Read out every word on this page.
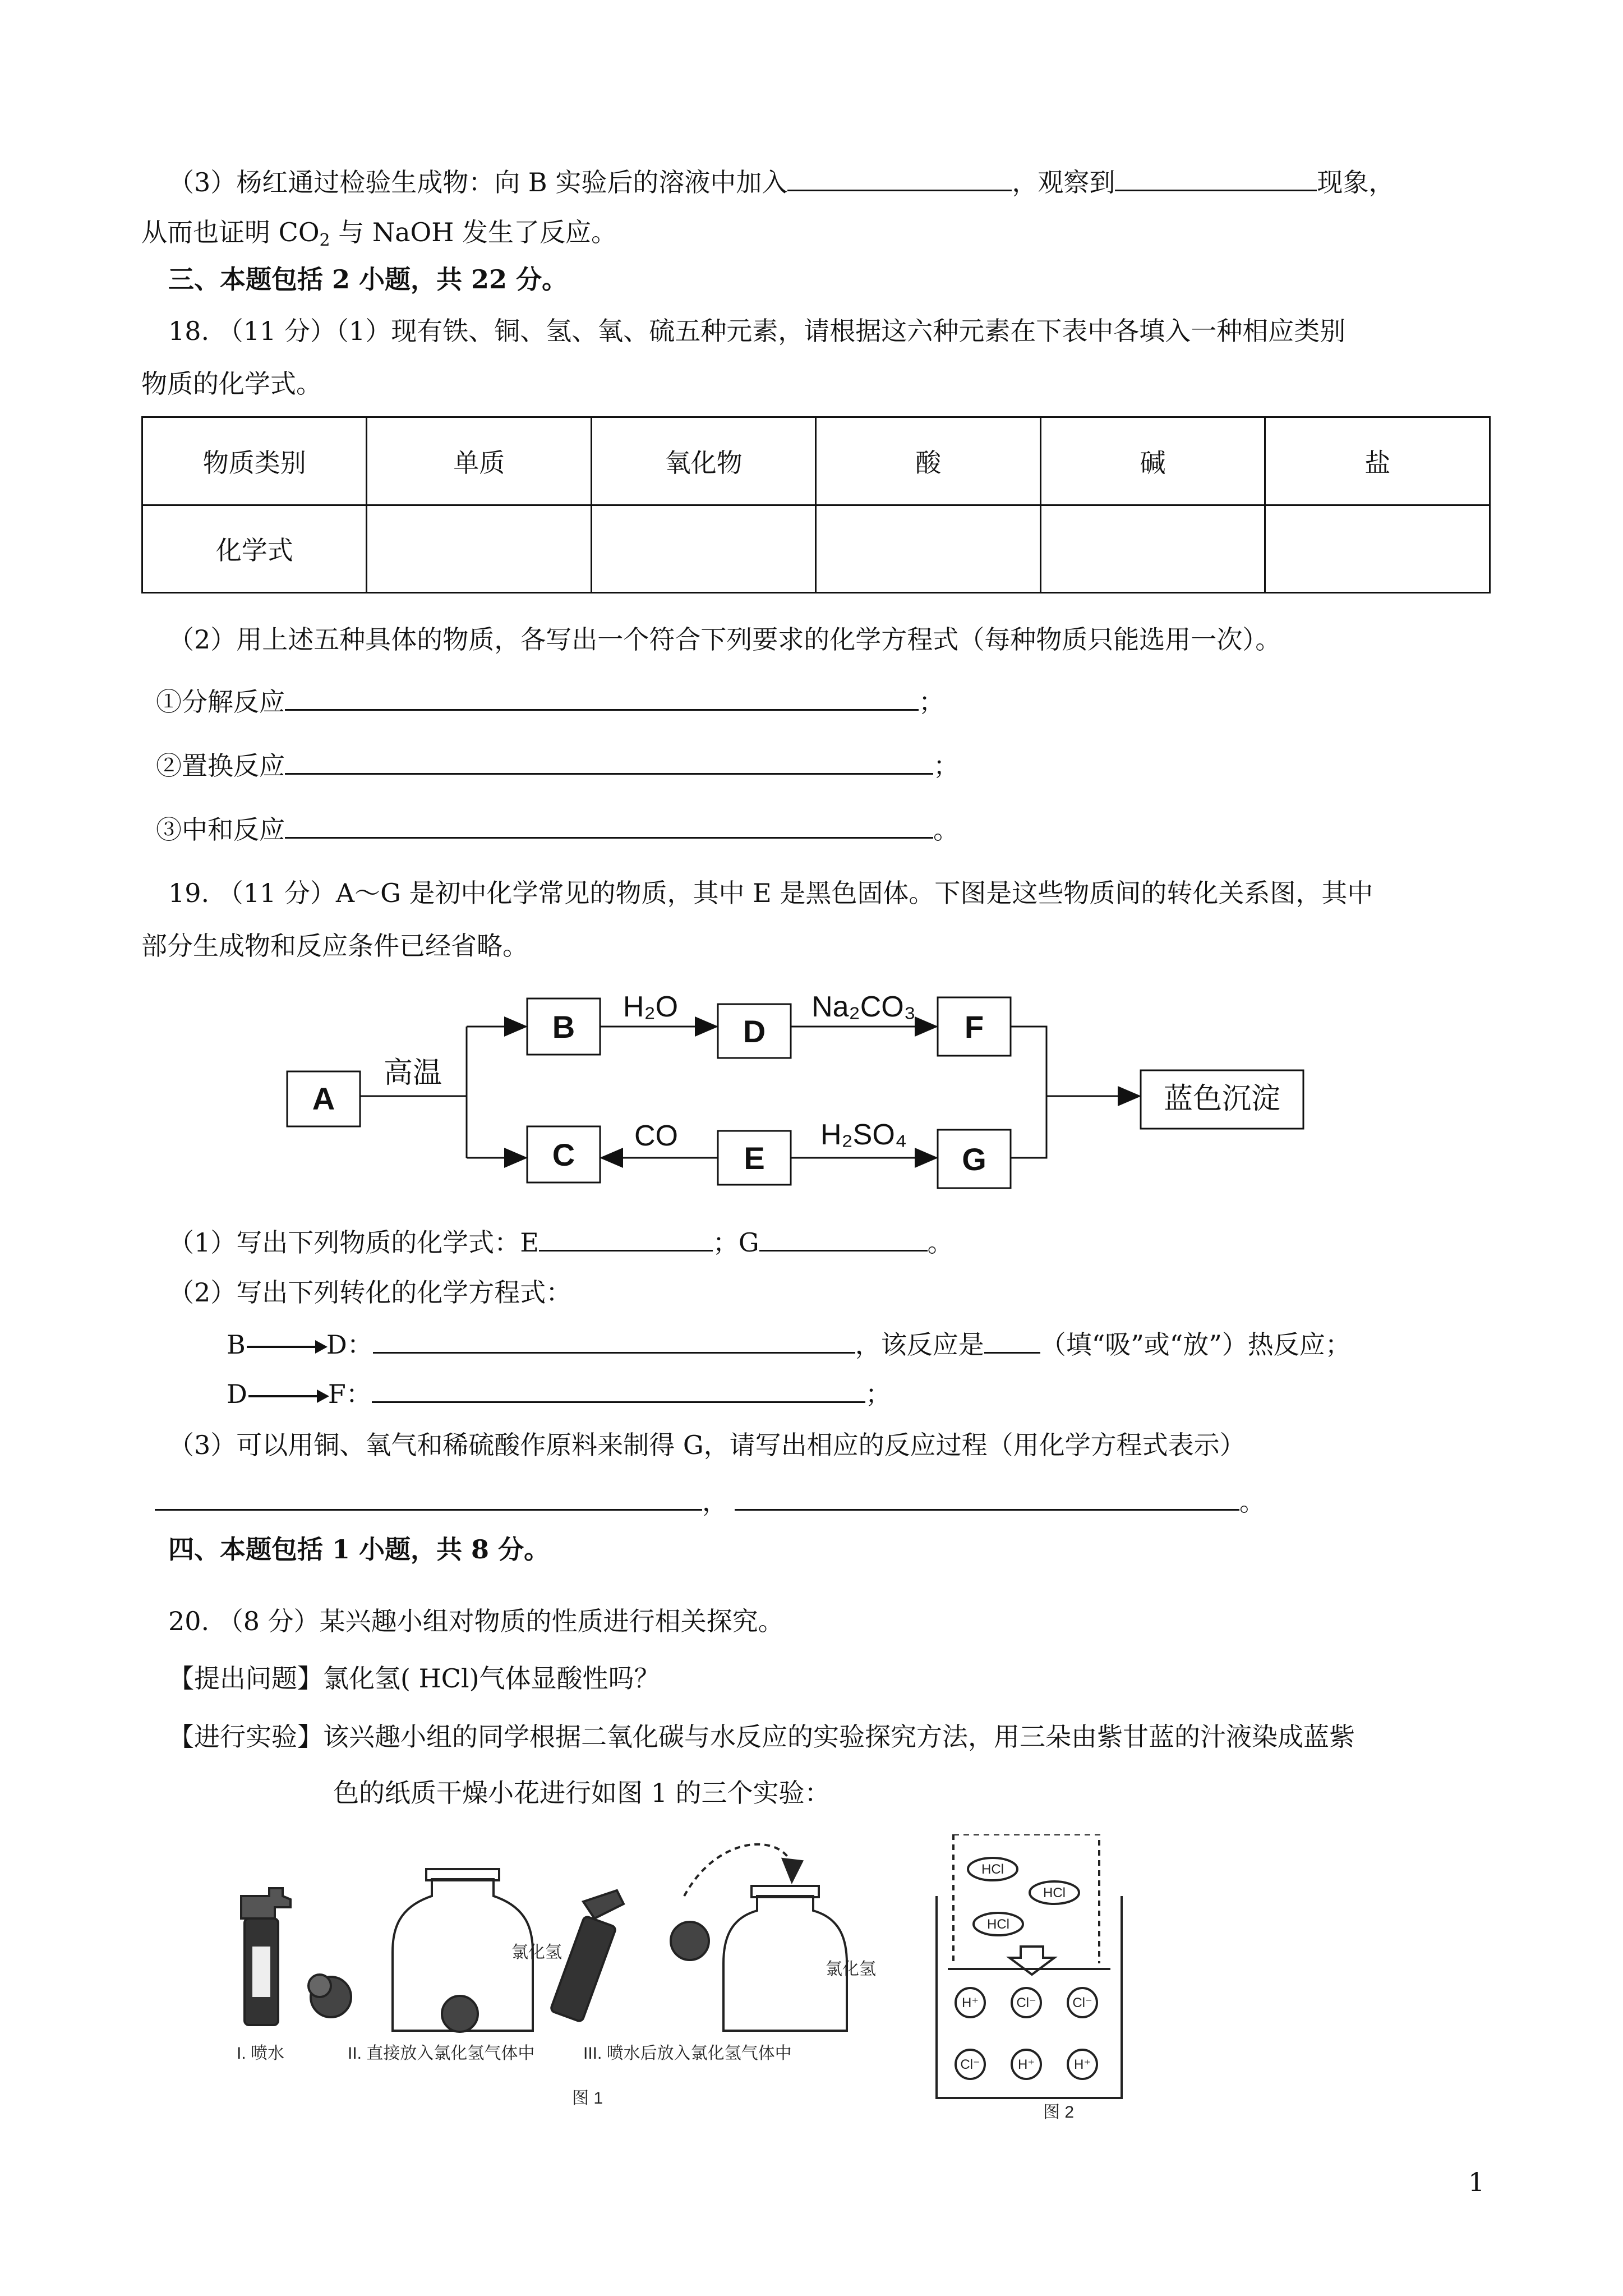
（3）杨红通过检验生成物：向 B 实验后的溶液中加入	，观察到	现象，
从而也证明 $CO_2$ 与 NaOH 发生了反应。
三、本题包括 2 小题，共 22 分。
18. （11 分）（1）现有铁、铜、氢、氧、硫五种元素，请根据这六种元素在下表中各填入一种相应类别
物质的化学式。
物质类别	单质	氧化物	酸	碱	盐
化学式					
（2）用上述五种具体的物质，各写出一个符合下列要求的化学方程式（每种物质只能选用一次）。
①分解反应	；
②置换反应	；
③中和反应	。
19. （11 分）A～G 是初中化学常见的物质，其中 E 是黑色固体。下图是这些物质间的转化关系图，其中
部分生成物和反应条件已经省略。
A
B	D	F
C	E	G
蓝色沉淀
高温
H₂O	Na₂CO₃
CO	H₂SO₄
（1）写出下列物质的化学式：E	；G	。
（2）写出下列转化的化学方程式：
B	D：	，该反应是 （填“吸”或“放”）热反应；
D	F：	；
（3）可以用铜、氧气和稀硫酸作原料来制得 G，请写出相应的反应过程（用化学方程式表示）
，	。
四、本题包括 1 小题，共 8 分。
20. （8 分）某兴趣小组对物质的性质进行相关探究。
【提出问题】氯化氢( HCl)气体显酸性吗？
【进行实验】该兴趣小组的同学根据二氧化碳与水反应的实验探究方法，用三朵由紫甘蓝的汁液染成蓝紫
色的纸质干燥小花进行如图 1 的三个实验：
HCl
HCl
HCl
H⁺	Cl⁻	Cl⁻
Cl⁻	H⁺	H⁺
氯化氢
氯化氢
I. 喷水	II. 直接放入氯化氢气体中	III. 喷水后放入氯化氢气体中
图 1
图 2
1
